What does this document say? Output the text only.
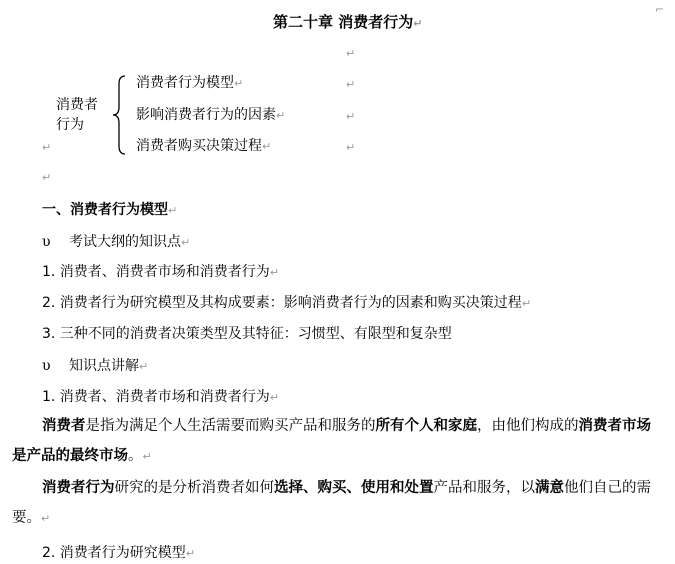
⌐
第二十章 消费者行为↵
↵
↵
↵
↵
消费者
行为
消费者行为模型↵
影响消费者行为的因素↵
消费者购买决策过程↵
↵
↵
一、消费者行为模型↵
υ 考试大纲的知识点↵
1. 消费者、消费者市场和消费者行为↵
2. 消费者行为研究模型及其构成要素：影响消费者行为的因素和购买决策过程↵
3. 三种不同的消费者决策类型及其特征：习惯型、有限型和复杂型
υ 知识点讲解↵
1. 消费者、消费者市场和消费者行为↵
消费者是指为满足个人生活需要而购买产品和服务的所有个人和家庭，由他们构成的消费者市场是产品的最终市场。↵
消费者行为研究的是分析消费者如何选择、购买、使用和处置产品和服务，以满意他们自己的需要。↵
2. 消费者行为研究模型↵
